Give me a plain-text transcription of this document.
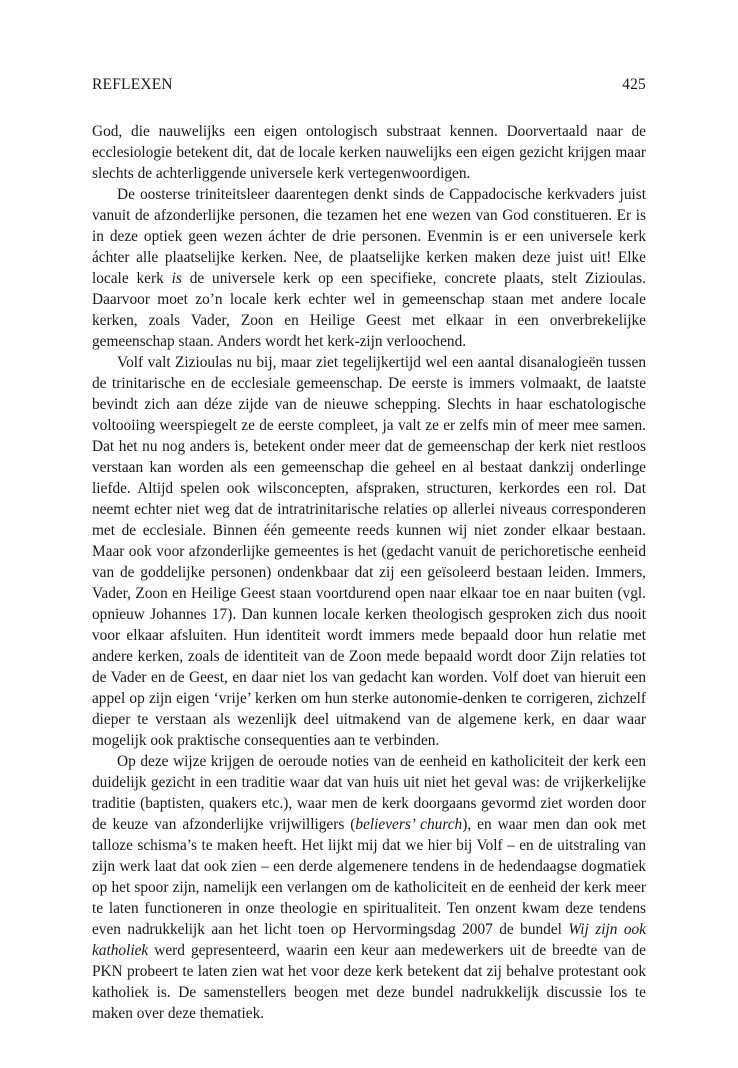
REFLEXEN	425

God, die nauwelijks een eigen ontologisch substraat kennen. Doorvertaald naar de ecclesiologie betekent dit, dat de locale kerken nauwelijks een eigen gezicht krijgen maar slechts de achterliggende universele kerk vertegenwoordigen.

De oosterse triniteitsleer daarentegen denkt sinds de Cappadocische kerkvaders juist vanuit de afzonderlijke personen, die tezamen het ene wezen van God constitueren. Er is in deze optiek geen wezen áchter de drie personen. Evenmin is er een universele kerk áchter alle plaatselijke kerken. Nee, de plaatselijke kerken maken deze juist uit! Elke locale kerk is de universele kerk op een specifieke, concrete plaats, stelt Zizioulas. Daarvoor moet zo’n locale kerk echter wel in gemeenschap staan met andere locale kerken, zoals Vader, Zoon en Heilige Geest met elkaar in een onverbrekelijke gemeenschap staan. Anders wordt het kerk-zijn verloochend.

Volf valt Zizioulas nu bij, maar ziet tegelijkertijd wel een aantal disanalogieën tussen de trinitarische en de ecclesiale gemeenschap. De eerste is immers volmaakt, de laatste bevindt zich aan déze zijde van de nieuwe schepping. Slechts in haar eschatologische voltooiing weerspiegelt ze de eerste compleet, ja valt ze er zelfs min of meer mee samen. Dat het nu nog anders is, betekent onder meer dat de gemeenschap der kerk niet restloos verstaan kan worden als een gemeenschap die geheel en al bestaat dankzij onderlinge liefde. Altijd spelen ook wilsconcepten, afspraken, structuren, kerkordes een rol. Dat neemt echter niet weg dat de intratrinitarische relaties op allerlei niveaus corresponderen met de ecclesiale. Binnen één gemeente reeds kunnen wij niet zonder elkaar bestaan. Maar ook voor afzonderlijke gemeentes is het (gedacht vanuit de perichoretische eenheid van de goddelijke personen) ondenkbaar dat zij een geïsoleerd bestaan leiden. Immers, Vader, Zoon en Heilige Geest staan voortdurend open naar elkaar toe en naar buiten (vgl. opnieuw Johannes 17). Dan kunnen locale kerken theologisch gesproken zich dus nooit voor elkaar afsluiten. Hun identiteit wordt immers mede bepaald door hun relatie met andere kerken, zoals de identiteit van de Zoon mede bepaald wordt door Zijn relaties tot de Vader en de Geest, en daar niet los van gedacht kan worden. Volf doet van hieruit een appel op zijn eigen ‘vrije’ kerken om hun sterke autonomie-denken te corrigeren, zichzelf dieper te verstaan als wezenlijk deel uitmakend van de algemene kerk, en daar waar mogelijk ook praktische consequenties aan te verbinden.

Op deze wijze krijgen de oeroude noties van de eenheid en katholiciteit der kerk een duidelijk gezicht in een traditie waar dat van huis uit niet het geval was: de vrijkerkelijke traditie (baptisten, quakers etc.), waar men de kerk doorgaans gevormd ziet worden door de keuze van afzonderlijke vrijwilligers (believers’ church), en waar men dan ook met talloze schisma’s te maken heeft. Het lijkt mij dat we hier bij Volf – en de uitstraling van zijn werk laat dat ook zien – een derde algemenere tendens in de hedendaagse dogmatiek op het spoor zijn, namelijk een verlangen om de katholiciteit en de eenheid der kerk meer te laten functioneren in onze theologie en spiritualiteit. Ten onzent kwam deze tendens even nadrukkelijk aan het licht toen op Hervormingsdag 2007 de bundel Wij zijn ook katholiek werd gepresenteerd, waarin een keur aan medewerkers uit de breedte van de PKN probeert te laten zien wat het voor deze kerk betekent dat zij behalve protestant ook katholiek is. De samenstellers beogen met deze bundel nadrukkelijk discussie los te maken over deze thematiek.
